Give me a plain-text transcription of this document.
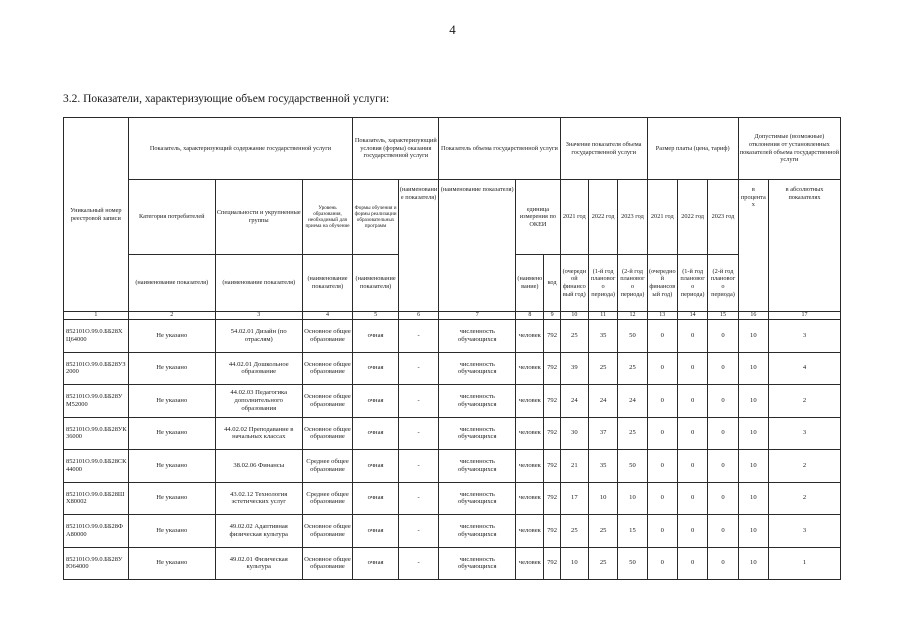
4
3.2. Показатели, характеризующие объем государственной услуги:
Уникальный номер реестровой записи	Показатель, характеризующий содержание государственной услуги			Показатель, характеризующий условия (формы) оказания государственной услуги		Показатель объема государственной услуги			Значение показателя объема государственной услуги			Размер платы (цена, тариф)			Допустимые (возможные) отклонения от установленных показателей объема государственной услуги	
	Категория потребителей	Специальности и укрупненные группы	Уровень образования, необходимый для приема на обучение	Формы обучения и формы реализации образовательных программ	(наименование показателя)	(наименование показателя)	единица измерения по ОКЕИ		2021 год	2022 год	2023 год	2021 год	2022 год	2023 год	в процентах	в абсолютных показателях
	(наименование показателя)	(наименование показателя)	(наименование показателя)	(наименование показателя)			(наименование)	код	(очередной финансовый год)	(1-й год планового периода)	(2-й год планового периода)	(очередной финансовый год)	(1-й год планового периода)	(2-й год планового периода)		
1	2	3	4	5	6	7	8	9	10	11	12	13	14	15	16	17
852101О.99.0.ББ28ХЦ64000	Не указано	54.02.01 Дизайн (по отраслям)	Основное общее образование	очная	-	численность обучающихся	человек	792	25	35	50	0	0	0	10	3
852101О.99.0.ББ28УЗ2000	Не указано	44.02.01 Дошкольное образование	Основное общее образование	очная	-	численность обучающихся	человек	792	39	25	25	0	0	0	10	4
852101О.99.0.ББ28УМ52000	Не указано	44.02.03 Педагогика дополнительного образования	Основное общее образование	очная	-	численность обучающихся	человек	792	24	24	24	0	0	0	10	2
852101О.99.0.ББ28УК36000	Не указано	44.02.02 Преподавание в начальных классах	Основное общее образование	очная	-	численность обучающихся	человек	792	30	37	25	0	0	0	10	3
852101О.99.0.ББ28СК44000	Не указано	38.02.06 Финансы	Среднее общее образование	очная	-	численность обучающихся	человек	792	21	35	50	0	0	0	10	2
852101О.99.0.ББ28ШХ80002	Не указано	43.02.12 Технология эстетических услуг	Среднее общее образование	очная	-	численность обучающихся	человек	792	17	10	10	0	0	0	10	2
852101О.99.0.ББ28ФА80000	Не указано	49.02.02 Адаптивная физическая культура	Основное общее образование	очная	-	численность обучающихся	человек	792	25	25	15	0	0	0	10	3
852101О.99.0.ББ28УЮ64000	Не указано	49.02.01 Физическая культура	Основное общее образование	очная	-	численность обучающихся	человек	792	10	25	50	0	0	0	10	1
